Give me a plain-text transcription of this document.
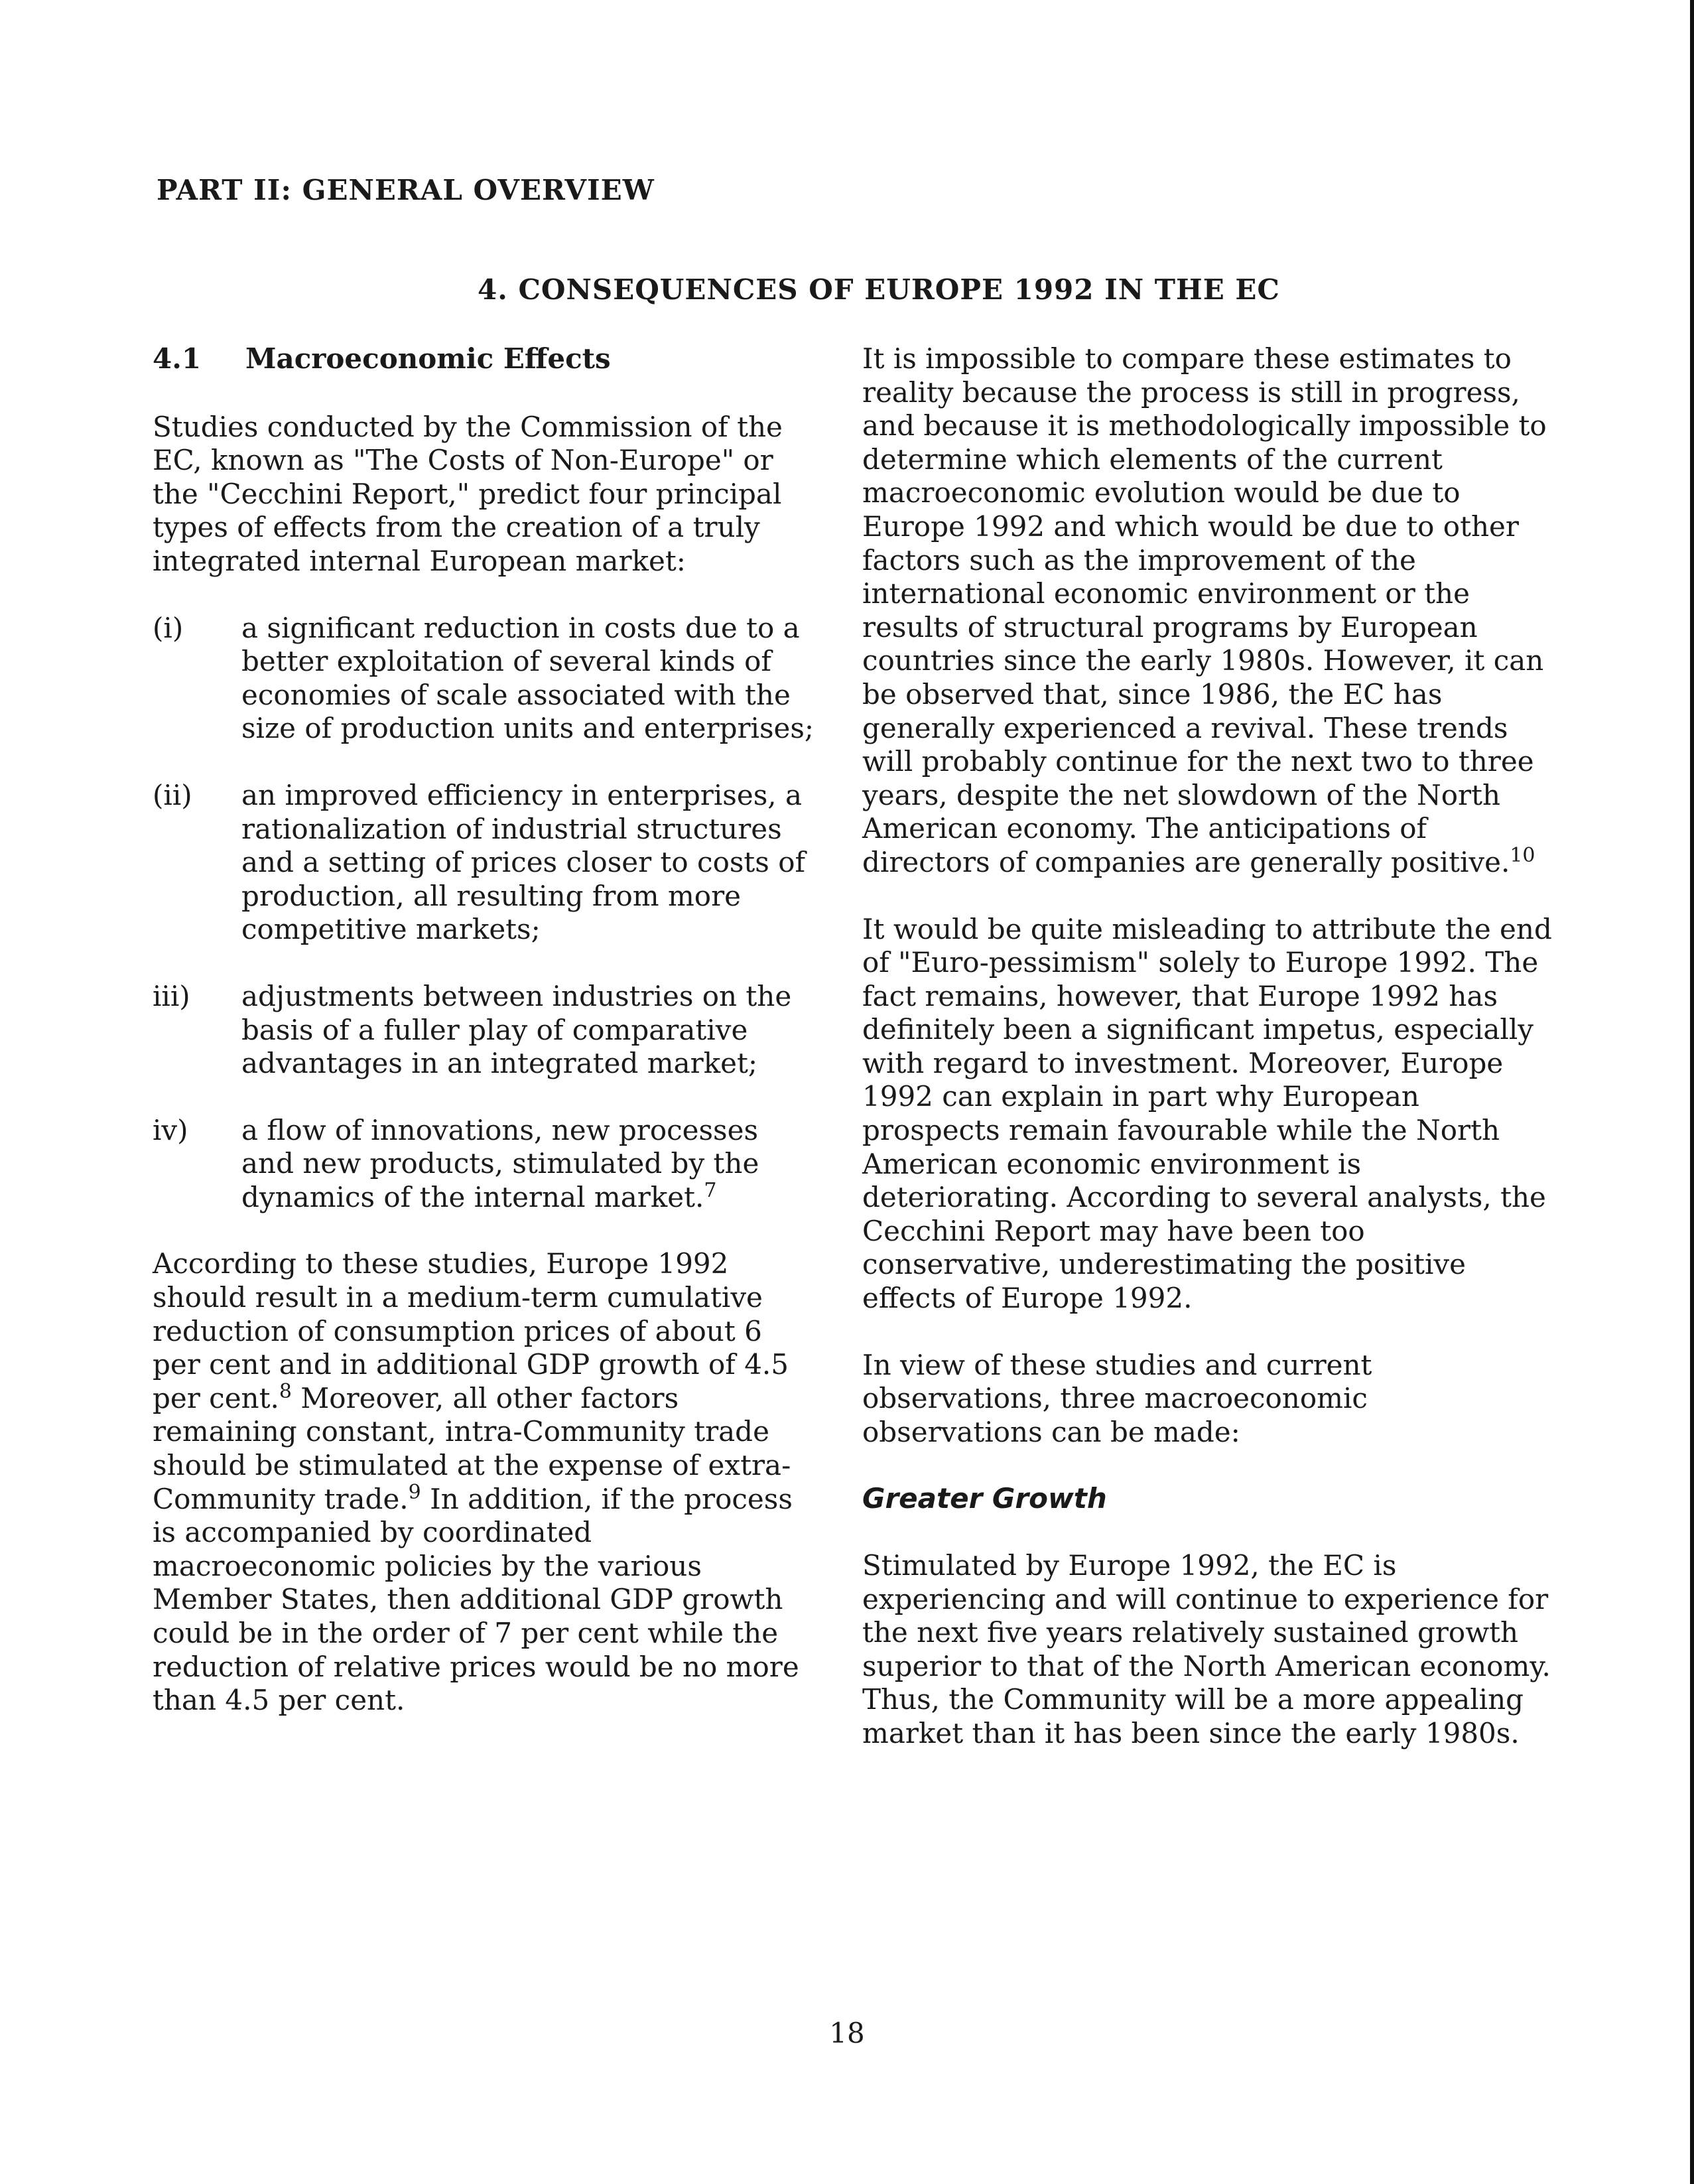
PART II: GENERAL OVERVIEW
4. CONSEQUENCES OF EUROPE 1992 IN THE EC
4.1 Macroeconomic Effects

Studies conducted by the Commission of the EC, known as "The Costs of Non-Europe" or the "Cecchini Report," predict four principal types of effects from the creation of a truly integrated internal European market:

(i)	a significant reduction in costs due to a better exploitation of several kinds of economies of scale associated with the size of production units and enterprises;
(ii)	an improved efficiency in enterprises, a rationalization of industrial structures and a setting of prices closer to costs of production, all resulting from more competitive markets;
iii)	adjustments between industries on the basis of a fuller play of comparative advantages in an integrated market;
iv)	a flow of innovations, new processes and new products, stimulated by the dynamics of the internal market.$^7$

According to these studies, Europe 1992 should result in a medium-term cumulative reduction of consumption prices of about 6 per cent and in additional GDP growth of 4.5 per cent.$^8$ Moreover, all other factors remaining constant, intra-Community trade should be stimulated at the expense of extra-Community trade.$^9$ In addition, if the process is accompanied by coordinated macroeconomic policies by the various Member States, then additional GDP growth could be in the order of 7 per cent while the reduction of relative prices would be no more than 4.5 per cent.

It is impossible to compare these estimates to reality because the process is still in progress, and because it is methodologically impossible to determine which elements of the current macroeconomic evolution would be due to Europe 1992 and which would be due to other factors such as the improvement of the international economic environment or the results of structural programs by European countries since the early 1980s. However, it can be observed that, since 1986, the EC has generally experienced a revival. These trends will probably continue for the next two to three years, despite the net slowdown of the North American economy. The anticipations of directors of companies are generally positive.$^{10}$

It would be quite misleading to attribute the end of "Euro-pessimism" solely to Europe 1992. The fact remains, however, that Europe 1992 has definitely been a significant impetus, especially with regard to investment. Moreover, Europe 1992 can explain in part why European prospects remain favourable while the North American economic environment is deteriorating. According to several analysts, the Cecchini Report may have been too conservative, underestimating the positive effects of Europe 1992.

In view of these studies and current observations, three macroeconomic observations can be made:

Greater Growth

Stimulated by Europe 1992, the EC is experiencing and will continue to experience for the next five years relatively sustained growth superior to that of the North American economy. Thus, the Community will be a more appealing market than it has been since the early 1980s.

18
